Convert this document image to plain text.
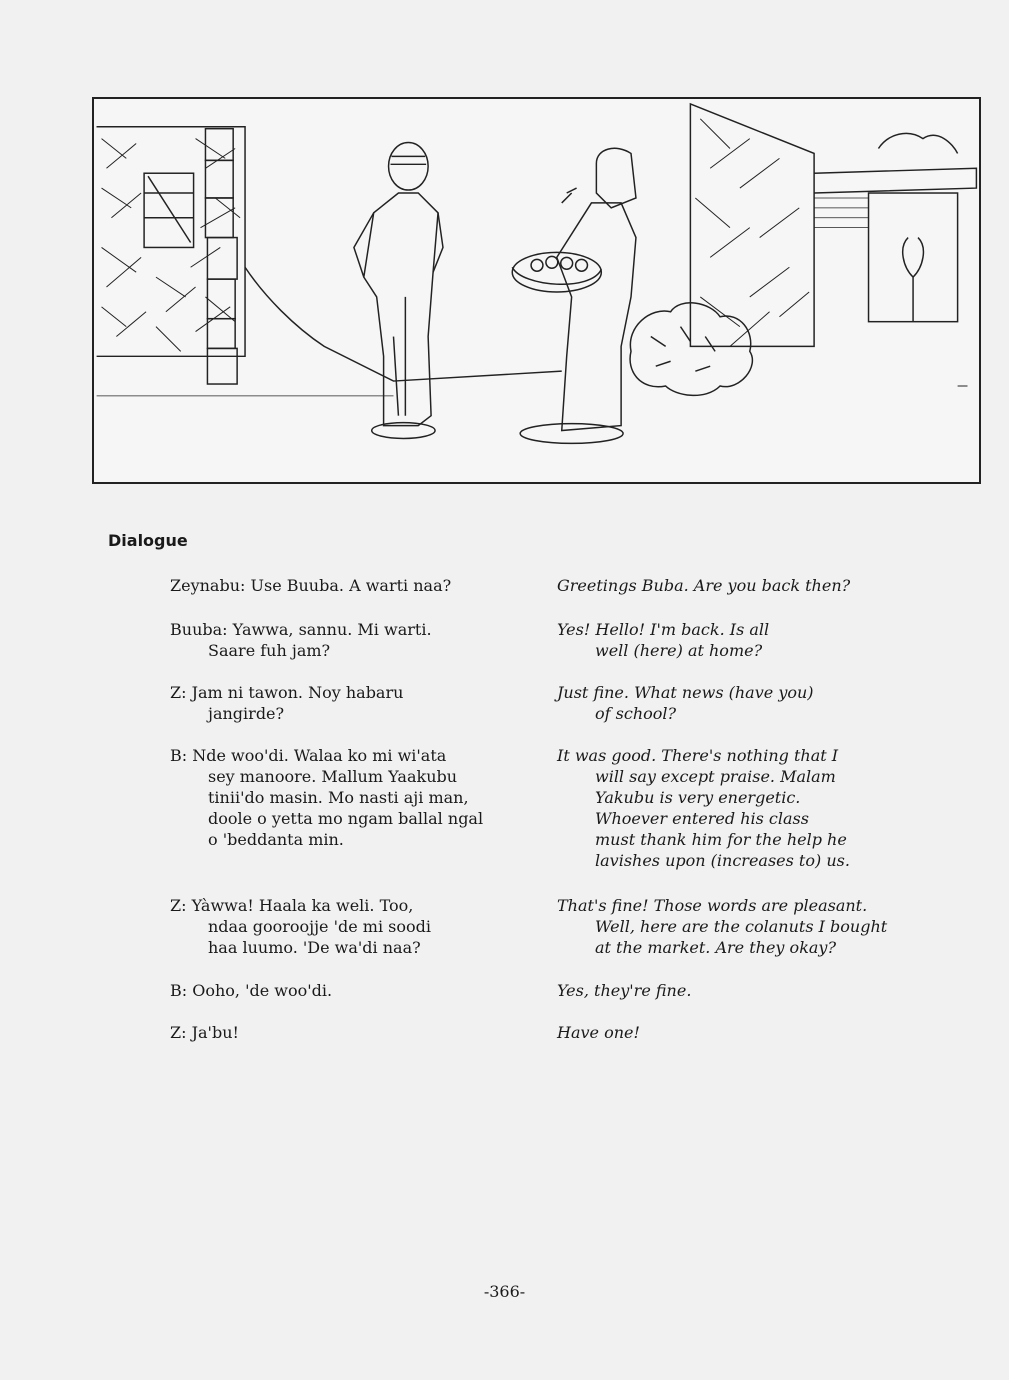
Dialogue
Zeynabu: Use Buuba. A warti naa?
Buuba: Yawwa, sannu. Mi warti.
Saare fuh jam?
Z: Jam ni tawon. Noy habaru
jangirde?
B: Nde woo'di. Walaa ko mi wi'ata
sey manoore. Mallum Yaakubu
tinii'do masin. Mo nasti aji man,
doole o yetta mo ngam ballal ngal
o 'beddanta min.
Z: Yàwwa! Haala ka weli. Too,
ndaa gooroojje 'de mi soodi
haa luumo. 'De wa'di naa?
B: Ooho, 'de woo'di.
Z: Ja'bu!
Greetings Buba. Are you back then?
Yes! Hello! I'm back. Is all
well (here) at home?
Just fine. What news (have you)
of school?
It was good. There's nothing that I
will say except praise. Malam
Yakubu is very energetic.
Whoever entered his class
must thank him for the help he
lavishes upon (increases to) us.
That's fine! Those words are pleasant.
Well, here are the colanuts I bought
at the market. Are they okay?
Yes, they're fine.
Have one!
-366-
